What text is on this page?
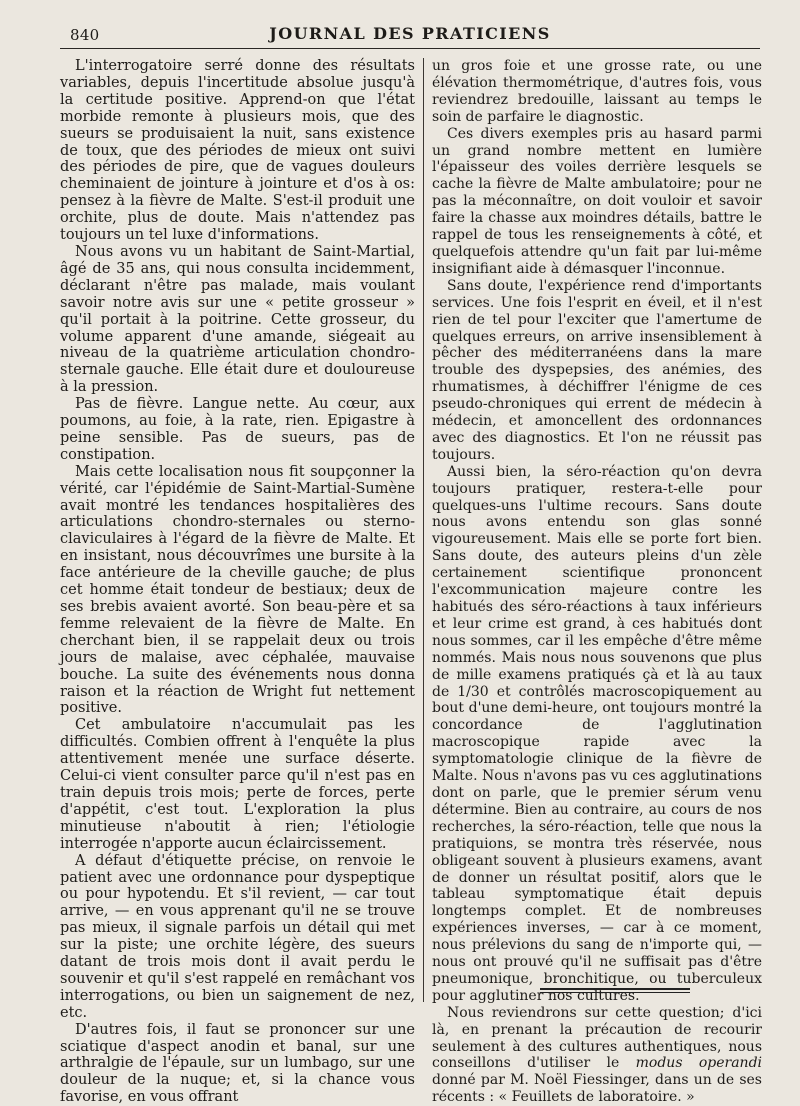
840	JOURNAL DES PRATICIENS

L'interrogatoire serré donne des résultats variables, depuis l'incertitude absolue jusqu'à la certitude positive. Apprend-on que l'état morbide remonte à plusieurs mois, que des sueurs se produisaient la nuit, sans existence de toux, que des périodes de mieux ont suivi des périodes de pire, que de vagues douleurs cheminaient de jointure à jointure et d'os à os: pensez à la fièvre de Malte. S'est-il produit une orchite, plus de doute. Mais n'attendez pas toujours un tel luxe d'informations.

Nous avons vu un habitant de Saint-Martial, âgé de 35 ans, qui nous consulta incidemment, déclarant n'être pas malade, mais voulant savoir notre avis sur une « petite grosseur » qu'il portait à la poitrine. Cette grosseur, du volume apparent d'une amande, siégeait au niveau de la quatrième articulation chondro-sternale gauche. Elle était dure et douloureuse à la pression.

Pas de fièvre. Langue nette. Au cœur, aux poumons, au foie, à la rate, rien. Epigastre à peine sensible. Pas de sueurs, pas de constipation.

Mais cette localisation nous fit soupçonner la vérité, car l'épidémie de Saint-Martial-Sumène avait montré les tendances hospitalières des articulations chondro-sternales ou sterno-claviculaires à l'égard de la fièvre de Malte. Et en insistant, nous découvrîmes une bursite à la face antérieure de la cheville gauche; de plus cet homme était tondeur de bestiaux; deux de ses brebis avaient avorté. Son beau-père et sa femme relevaient de la fièvre de Malte. En cherchant bien, il se rappelait deux ou trois jours de malaise, avec céphalée, mauvaise bouche. La suite des événements nous donna raison et la réaction de Wright fut nettement positive.

Cet ambulatoire n'accumulait pas les difficultés. Combien offrent à l'enquête la plus attentivement menée une surface déserte. Celui-ci vient consulter parce qu'il n'est pas en train depuis trois mois; perte de forces, perte d'appétit, c'est tout. L'exploration la plus minutieuse n'aboutit à rien; l'étiologie interrogée n'apporte aucun éclaircissement.

A défaut d'étiquette précise, on renvoie le patient avec une ordonnance pour dyspeptique ou pour hypotendu. Et s'il revient, — car tout arrive, — en vous apprenant qu'il ne se trouve pas mieux, il signale parfois un détail qui met sur la piste; une orchite légère, des sueurs datant de trois mois dont il avait perdu le souvenir et qu'il s'est rappelé en remâchant vos interrogations, ou bien un saignement de nez, etc.

D'autres fois, il faut se prononcer sur une sciatique d'aspect anodin et banal, sur une arthralgie de l'épaule, sur un lumbago, sur une douleur de la nuque; et, si la chance vous favorise, en vous offrant

un gros foie et une grosse rate, ou une élévation thermométrique, d'autres fois, vous reviendrez bredouille, laissant au temps le soin de parfaire le diagnostic.

Ces divers exemples pris au hasard parmi un grand nombre mettent en lumière l'épaisseur des voiles derrière lesquels se cache la fièvre de Malte ambulatoire; pour ne pas la méconnaître, on doit vouloir et savoir faire la chasse aux moindres détails, battre le rappel de tous les renseignements à côté, et quelquefois attendre qu'un fait par lui-même insignifiant aide à démasquer l'inconnue.

Sans doute, l'expérience rend d'importants services. Une fois l'esprit en éveil, et il n'est rien de tel pour l'exciter que l'amertume de quelques erreurs, on arrive insensiblement à pêcher des méditerranéens dans la mare trouble des dyspepsies, des anémies, des rhumatismes, à déchiffrer l'énigme de ces pseudo-chroniques qui errent de médecin à médecin, et amoncellent des ordonnances avec des diagnostics. Et l'on ne réussit pas toujours.

Aussi bien, la séro-réaction qu'on devra toujours pratiquer, restera-t-elle pour quelques-uns l'ultime recours. Sans doute nous avons entendu son glas sonné vigoureusement. Mais elle se porte fort bien. Sans doute, des auteurs pleins d'un zèle certainement scientifique prononcent l'excommunication majeure contre les habitués des séro-réactions à taux inférieurs et leur crime est grand, à ces habitués dont nous sommes, car il les empêche d'être même nommés. Mais nous nous souvenons que plus de mille examens pratiqués çà et là au taux de 1/30 et contrôlés macroscopiquement au bout d'une demi-heure, ont toujours montré la concordance de l'agglutination macroscopique rapide avec la symptomatologie clinique de la fièvre de Malte. Nous n'avons pas vu ces agglutinations dont on parle, que le premier sérum venu détermine. Bien au contraire, au cours de nos recherches, la séro-réaction, telle que nous la pratiquions, se montra très réservée, nous obligeant souvent à plusieurs examens, avant de donner un résultat positif, alors que le tableau symptomatique était depuis longtemps complet. Et de nombreuses expériences inverses, — car à ce moment, nous prélevions du sang de n'importe qui, — nous ont prouvé qu'il ne suffisait pas d'être pneumonique, bronchitique, ou tuberculeux pour agglutiner nos cultures.

Nous reviendrons sur cette question; d'ici là, en prenant la précaution de recourir seulement à des cultures authentiques, nous conseillons d'utiliser le modus operandi donné par M. Noël Fiessinger, dans un de ses récents : « Feuillets de laboratoire. »
